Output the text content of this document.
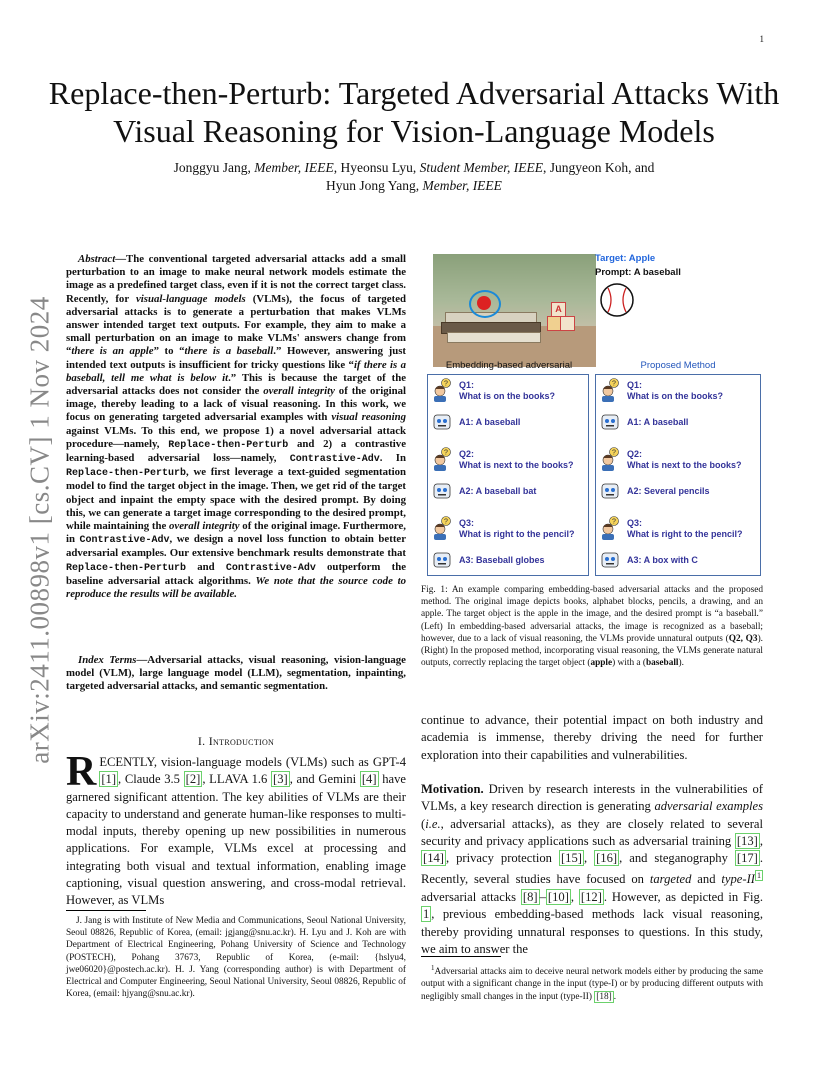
1
Replace-then-Perturb: Targeted Adversarial Attacks With Visual Reasoning for Vision-Language Models
Jonggyu Jang, Member, IEEE, Hyeonsu Lyu, Student Member, IEEE, Jungyeon Koh, and
Hyun Jong Yang, Member, IEEE
arXiv:2411.00898v1 [cs.CV] 1 Nov 2024
Abstract—The conventional targeted adversarial attacks add a small perturbation to an image to make neural network models estimate the image as a predefined target class, even if it is not the correct target class. Recently, for visual-language models (VLMs), the focus of targeted adversarial attacks is to generate a perturbation that makes VLMs answer intended target text outputs. For example, they aim to make a small perturbation on an image to make VLMs' answers change from “there is an apple” to “there is a baseball.” However, answering just intended text outputs is insufficient for tricky questions like “if there is a baseball, tell me what is below it.” This is because the target of the adversarial attacks does not consider the overall integrity of the original image, thereby leading to a lack of visual reasoning. In this work, we focus on generating targeted adversarial examples with visual reasoning against VLMs. To this end, we propose 1) a novel adversarial attack procedure—namely, Replace-then-Perturb and 2) a contrastive learning-based adversarial loss—namely, Contrastive-Adv. In Replace-then-Perturb, we first leverage a text-guided segmentation model to find the target object in the image. Then, we get rid of the target object and inpaint the empty space with the desired prompt. By doing this, we can generate a target image corresponding to the desired prompt, while maintaining the overall integrity of the original image. Furthermore, in Contrastive-Adv, we design a novel loss function to obtain better adversarial examples. Our extensive benchmark results demonstrate that Replace-then-Perturb and Contrastive-Adv outperform the baseline adversarial attack algorithms. We note that the source code to reproduce the results will be available.
Index Terms—Adversarial attacks, visual reasoning, vision-language model (VLM), large language model (LLM), segmentation, inpainting, targeted adversarial attacks, and semantic segmentation.
I. Introduction
RECENTLY, vision-language models (VLMs) such as GPT-4 [1] , Claude 3.5 [2] , LLAVA 1.6 [3] , and Gemini [4] have garnered significant attention. The key abilities of VLMs are their capacity to understand and generate human-like responses to multi-modal inputs, thereby opening up new possibilities in numerous applications. For example, VLMs excel at processing and integrating both visual and textual information, enabling image captioning, visual question answering, and cross-modal retrieval. However, as VLMs
J. Jang is with Institute of New Media and Communications, Seoul National University, Seoul 08826, Republic of Korea, (email: jgjang@snu.ac.kr). H. Lyu and J. Koh are with Department of Electrical Engineering, Pohang University of Science and Technology (POSTECH), Pohang 37673, Republic of Korea, (e-mail: {hslyu4, jwe06020}@postech.ac.kr). H. J. Yang (corresponding author) is with Department of Electrical and Computer Engineering, Seoul National University, Seoul 08826, Republic of Korea, (email: hjyang@snu.ac.kr).
A
Target: Apple
Prompt: A baseball
Embedding-based adversarial	Proposed Method
? Q1:
What is on the books?
A1: A baseball
? Q2:
What is next to the books?
A2: A baseball bat
? Q3:
What is right to the pencil?
A3: Baseball globes
? Q1:
What is on the books?
A1: A baseball
? Q2:
What is next to the books?
A2: Several pencils
? Q3:
What is right to the pencil?
A3: A box with C
Fig. 1: An example comparing embedding-based adversarial attacks and the proposed method. The original image depicts books, alphabet blocks, pencils, a drawing, and an apple. The target object is the apple in the image, and the desired prompt is “a baseball.” (Left) In embedding-based adversarial attacks, the image is recognized as a baseball; however, due to a lack of visual reasoning, the VLMs provide unnatural outputs (Q2, Q3). (Right) In the proposed method, incorporating visual reasoning, the VLMs generate natural outputs, correctly replacing the target object (apple) with a (baseball).
continue to advance, their potential impact on both industry and academia is immense, thereby driving the need for further exploration into their capabilities and vulnerabilities.
Motivation. Driven by research interests in the vulnerabilities of VLMs, a key research direction is generating adversarial examples (i.e., adversarial attacks), as they are closely related to several security and privacy applications such as adversarial training [13] , [14] , privacy protection [15] , [16] , and steganography [17] . Recently, several studies have focused on targeted and type-II $^1$ adversarial attacks [8] – [10] , [12] . However, as depicted in Fig. 1 , previous embedding-based methods lack visual reasoning, thereby providing unnatural responses to questions. In this study, we aim to answer the
$^1$Adversarial attacks aim to deceive neural network models either by producing the same output with a significant change in the input (type-I) or by producing different outputs with negligibly small changes in the input (type-II) [18] .
